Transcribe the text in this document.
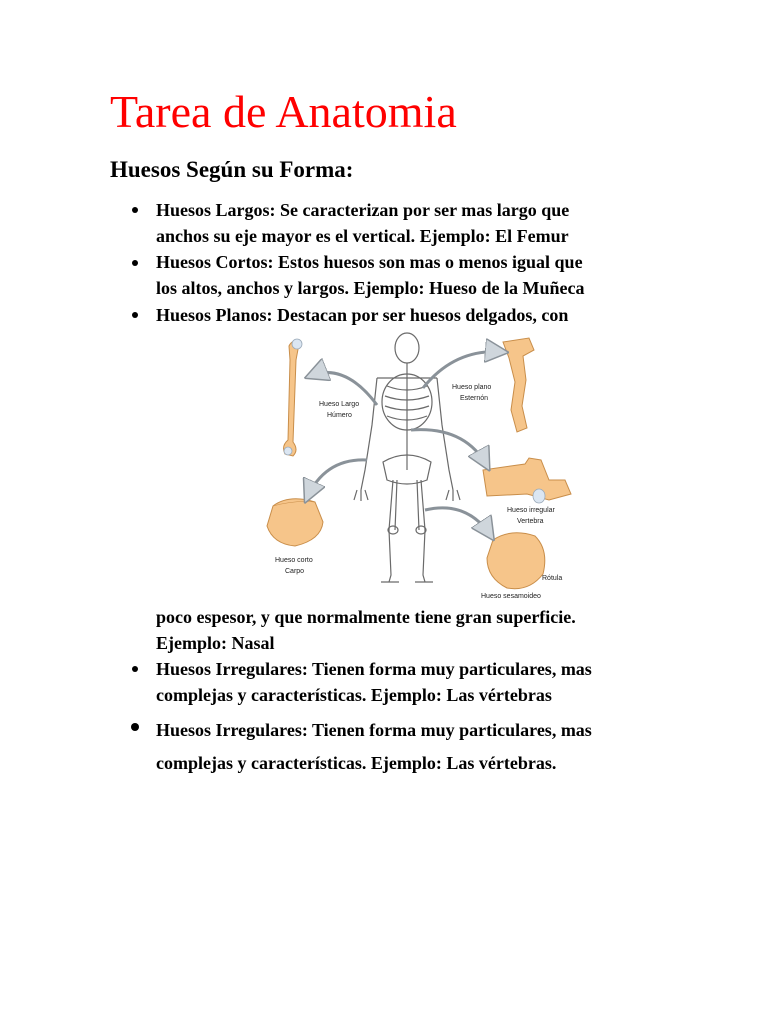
Tarea de Anatomia
Huesos Según su Forma:
Huesos Largos: Se caracterizan por ser mas largo que
anchos su eje mayor es el vertical. Ejemplo: El Femur
Huesos Cortos: Estos huesos son mas o menos igual que
los altos, anchos y largos. Ejemplo: Hueso de la Muñeca
Huesos Planos: Destacan por ser huesos delgados, con
Hueso Largo
Húmero
Hueso plano
Esternón
Hueso irregular
Vertebra
Hueso corto
Carpo
Rótula
Hueso sesamoideo
poco espesor, y que normalmente tiene gran superficie.
Ejemplo: Nasal
Huesos Irregulares: Tienen forma muy particulares, mas
complejas y características. Ejemplo: Las vértebras
Huesos Irregulares: Tienen forma muy particulares, mas
complejas y características. Ejemplo: Las vértebras.
